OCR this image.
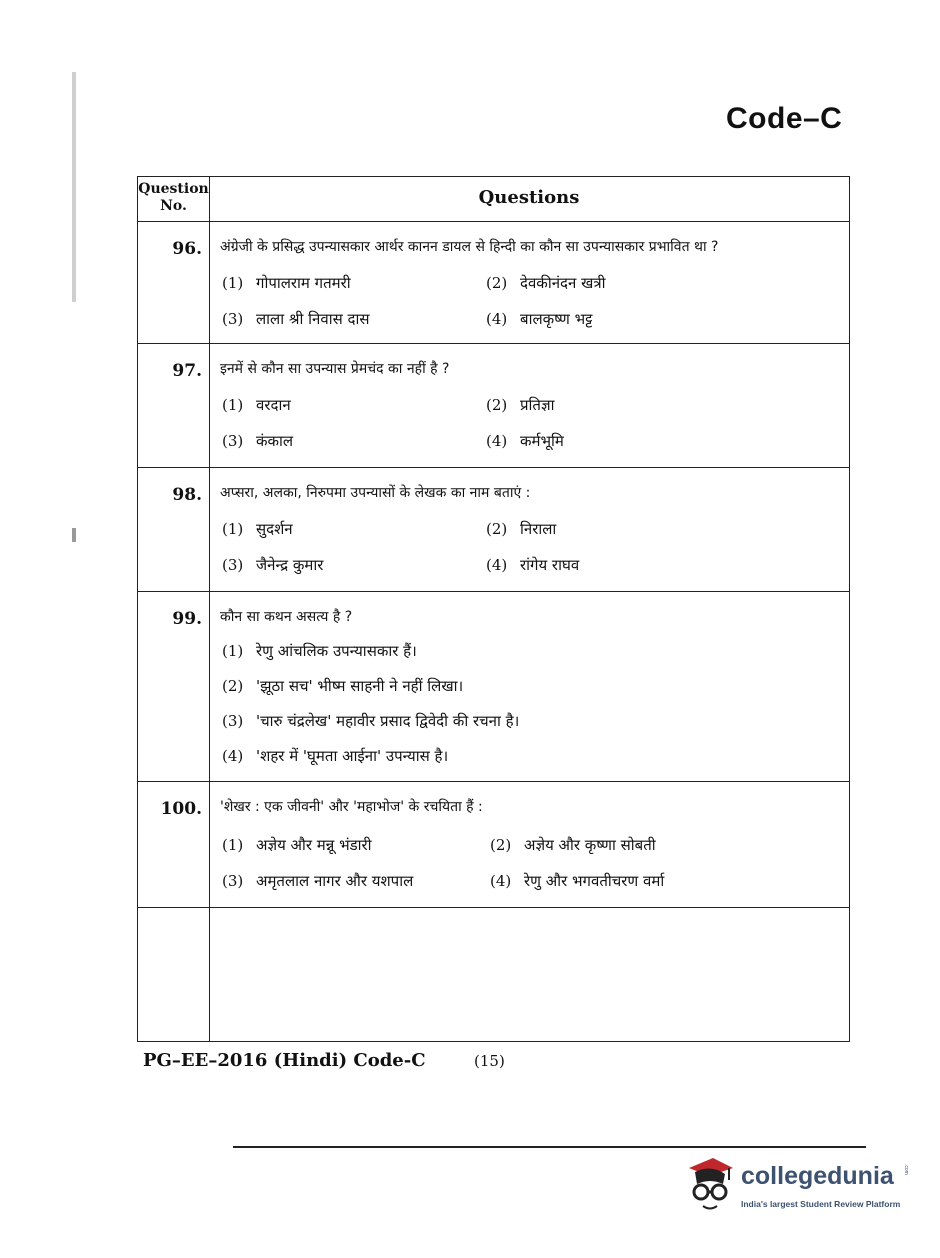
Code–C
Question No.	Questions
96. अंग्रेजी के प्रसिद्ध उपन्यासकार आर्थर कानन डायल से हिन्दी का कौन सा उपन्यासकार प्रभावित था ?
(1) गोपालराम गतमरी	(2) देवकीनंदन खत्री
(3) लाला श्री निवास दास	(4) बालकृष्ण भट्ट
97. इनमें से कौन सा उपन्यास प्रेमचंद का नहीं है ?
(1) वरदान	(2) प्रतिज्ञा
(3) कंकाल	(4) कर्मभूमि
98. अप्सरा, अलका, निरुपमा उपन्यासों के लेखक का नाम बताएं :
(1) सुदर्शन	(2) निराला
(3) जैनेन्द्र कुमार	(4) रांगेय राघव
99. कौन सा कथन असत्य है ?
(1) रेणु आंचलिक उपन्यासकार हैं।
(2) 'झूठा सच' भीष्म साहनी ने नहीं लिखा।
(3) 'चारु चंद्रलेख' महावीर प्रसाद द्विवेदी की रचना है।
(4) 'शहर में 'घूमता आईना' उपन्यास है।
100. 'शेखर : एक जीवनी' और 'महाभोज' के रचयिता हैं :
(1) अज्ञेय और मन्नू भंडारी	(2) अज्ञेय और कृष्णा सोबती
(3) अमृतलाल नागर और यशपाल	(4) रेणु और भगवतीचरण वर्मा
PG–EE–2016 (Hindi) Code-C	(15)
collegedunia .com
India's largest Student Review Platform
